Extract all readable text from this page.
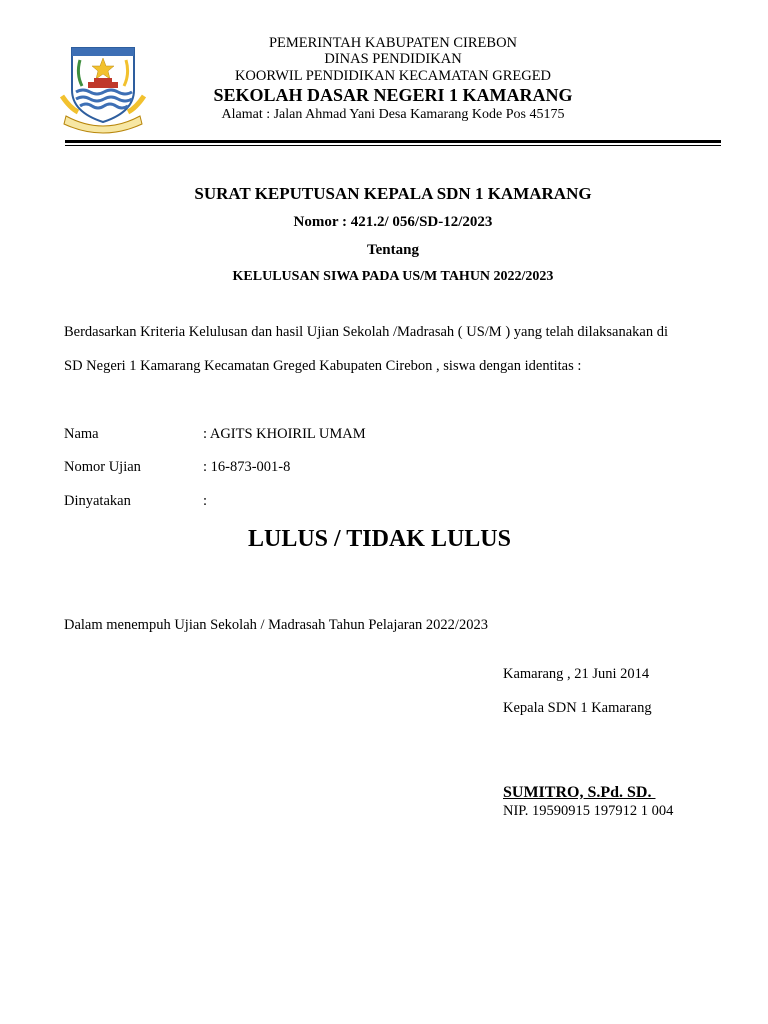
PEMERINTAH KABUPATEN CIREBON
DINAS PENDIDIKAN
KOORWIL PENDIDIKAN KECAMATAN GREGED
SEKOLAH DASAR NEGERI 1 KAMARANG
Alamat : Jalan Ahmad Yani Desa Kamarang Kode Pos 45175
SURAT KEPUTUSAN KEPALA SDN 1 KAMARANG
Nomor : 421.2/ 056/SD-12/2023
Tentang
KELULUSAN SIWA PADA US/M TAHUN 2022/2023
Berdasarkan Kriteria Kelulusan dan hasil Ujian Sekolah /Madrasah ( US/M ) yang telah dilaksanakan di
SD Negeri 1 Kamarang Kecamatan Greged Kabupaten Cirebon , siswa dengan identitas :
Nama	: AGITS KHOIRIL UMAM
Nomor Ujian	: 16-873-001-8
Dinyatakan	:
LULUS / TIDAK LULUS
Dalam menempuh Ujian Sekolah / Madrasah Tahun Pelajaran 2022/2023
Kamarang , 21 Juni 2014
Kepala SDN 1 Kamarang
SUMITRO, S.Pd. SD.
NIP. 19590915 197912 1 004
